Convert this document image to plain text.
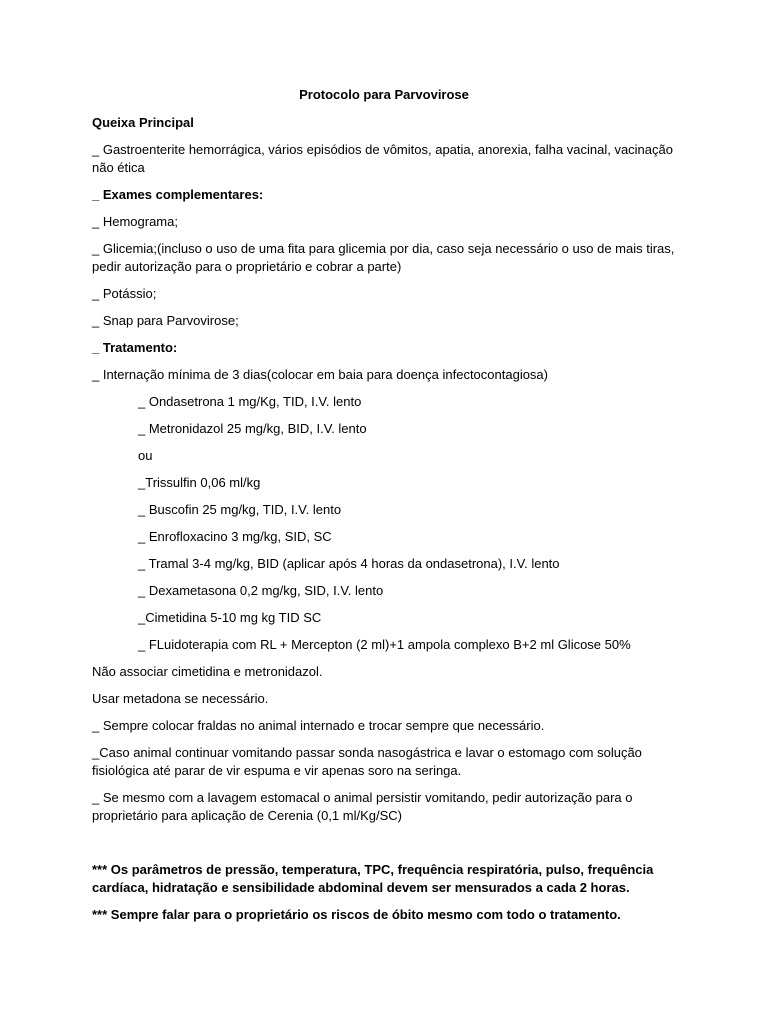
Protocolo para Parvovirose

Queixa Principal

_ Gastroenterite hemorrágica, vários episódios de vômitos, apatia, anorexia, falha vacinal, vacinação não ética

_ Exames complementares:

_ Hemograma;

_ Glicemia;(incluso o uso de uma fita para glicemia por dia, caso seja necessário o uso de mais tiras, pedir autorização para o proprietário e cobrar a parte)

_ Potássio;

_ Snap para Parvovirose;

_ Tratamento:

_ Internação mínima de 3 dias(colocar em baia para doença infectocontagiosa)

_ Ondasetrona 1 mg/Kg, TID, I.V. lento

_ Metronidazol 25 mg/kg, BID, I.V. lento

ou

_Trissulfin 0,06 ml/kg

_ Buscofin 25 mg/kg, TID, I.V. lento

_ Enrofloxacino 3 mg/kg, SID, SC

_ Tramal 3-4 mg/kg, BID (aplicar após 4 horas da ondasetrona), I.V. lento

_ Dexametasona 0,2 mg/kg, SID, I.V. lento

_Cimetidina 5-10 mg kg TID SC

_ FLuidoterapia com RL + Mercepton (2 ml)+1 ampola complexo B+2 ml Glicose 50%

Não associar cimetidina e metronidazol.

Usar metadona se necessário.

_ Sempre colocar fraldas no animal internado e trocar sempre que necessário.

_Caso animal continuar vomitando passar sonda nasogástrica e lavar o estomago com solução fisiológica até parar de vir espuma e vir apenas soro na seringa.

_ Se mesmo com a lavagem estomacal o animal persistir vomitando, pedir autorização para o proprietário para aplicação de Cerenia (0,1 ml/Kg/SC)

*** Os parâmetros de pressão, temperatura, TPC, frequência respiratória, pulso, frequência cardíaca, hidratação e sensibilidade abdominal devem ser mensurados a cada 2 horas.

*** Sempre falar para o proprietário os riscos de óbito mesmo com todo o tratamento.
